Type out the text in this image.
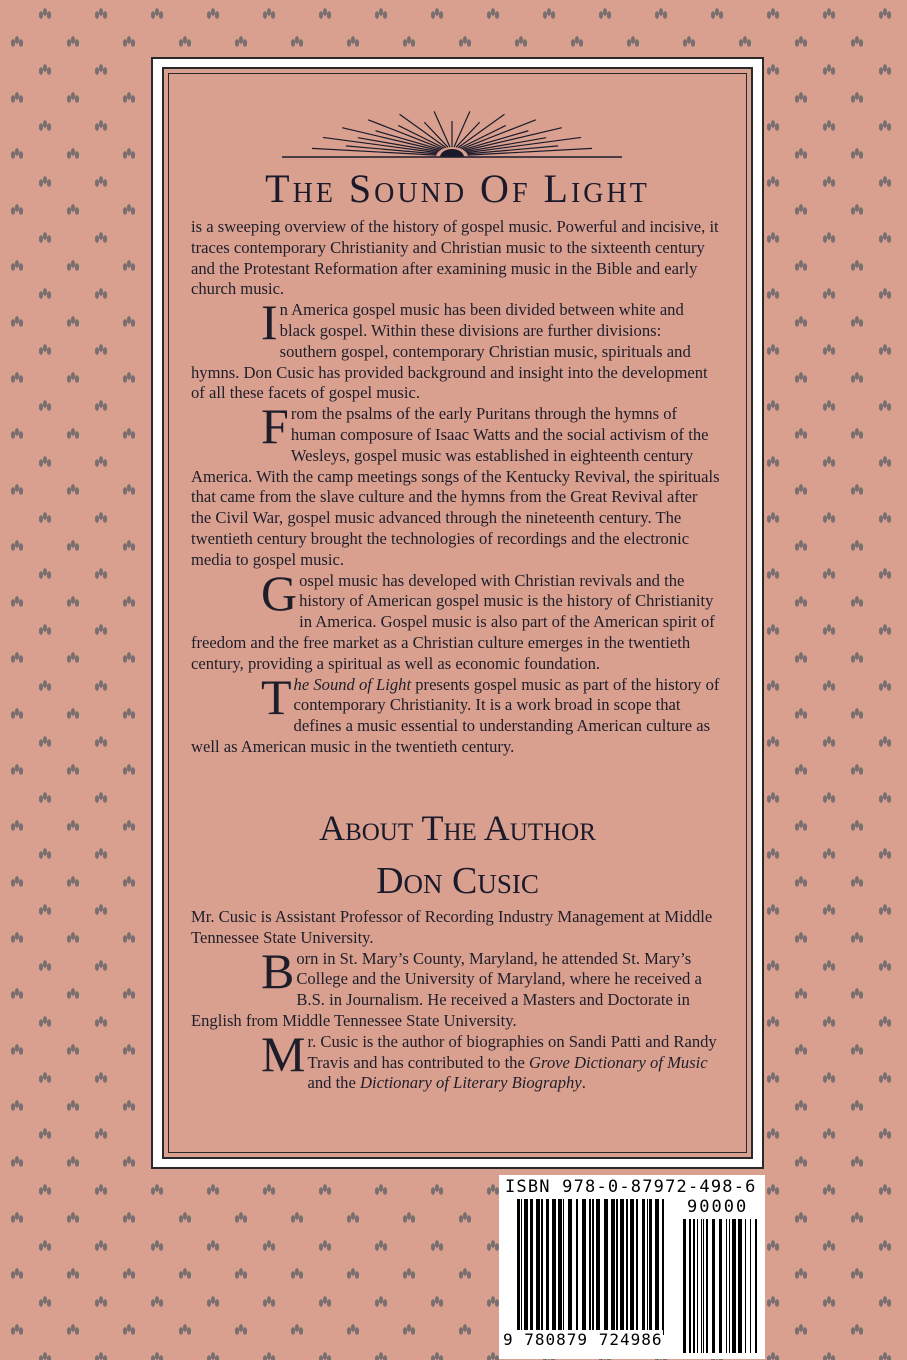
The Sound Of Light

is a sweeping overview of the history of gospel music. Powerful and incisive, it traces contemporary Christianity and Christian music to the sixteenth century and the Protestant Reformation after examining music in the Bible and early church music.

In America gospel music has been divided between white and black gospel. Within these divisions are further divisions: southern gospel, contemporary Christian music, spirituals and hymns. Don Cusic has provided background and insight into the development of all these facets of gospel music.

From the psalms of the early Puritans through the hymns of human composure of Isaac Watts and the social activism of the Wesleys, gospel music was established in eighteenth century America. With the camp meetings songs of the Kentucky Revival, the spirituals that came from the slave culture and the hymns from the Great Revival after the Civil War, gospel music advanced through the nineteenth century. The twentieth century brought the technologies of recordings and the electronic media to gospel music.

Gospel music has developed with Christian revivals and the history of American gospel music is the history of Christianity in America. Gospel music is also part of the American spirit of freedom and the free market as a Christian culture emerges in the twentieth century, providing a spiritual as well as economic foundation.

The Sound of Light presents gospel music as part of the history of contemporary Christianity. It is a work broad in scope that defines a music essential to understanding American culture as well as American music in the twentieth century.

About The Author
Don Cusic

Mr. Cusic is Assistant Professor of Recording Industry Management at Middle Tennessee State University.

Born in St. Mary’s County, Maryland, he attended St. Mary’s College and the University of Maryland, where he received a B.S. in Journalism. He received a Masters and Doctorate in English from Middle Tennessee State University.

Mr. Cusic is the author of biographies on Sandi Patti and Randy Travis and has contributed to the Grove Dictionary of Music and the Dictionary of Literary Biography.

ISBN 978-0-87972-498-6
90000
9 780879 724986
